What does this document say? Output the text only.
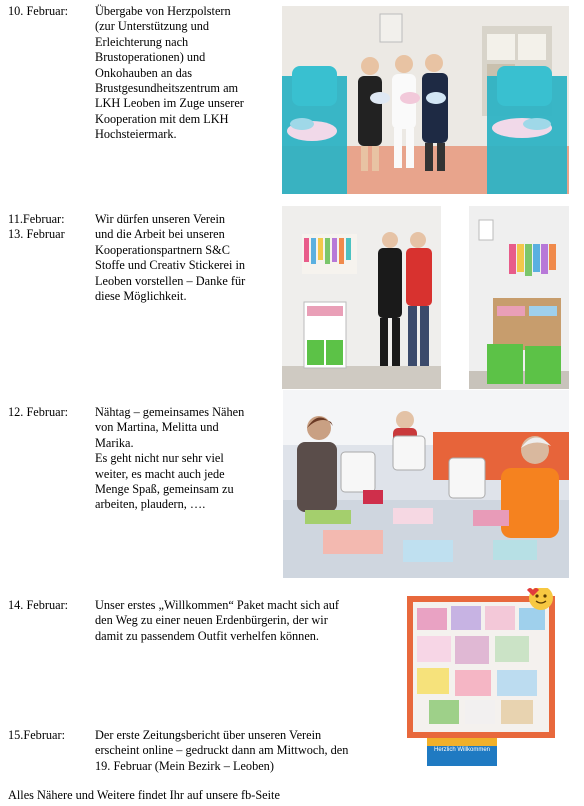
10. Februar: Übergabe von Herzpolstern
(zur Unterstützung und
Erleichterung nach
Brustoperationen) und
Onkohauben an das
Brustgesundheitszentrum am
LKH Leoben im Zuge unserer
Kooperation mit dem LKH
Hochsteiermark.
11.Februar:
13. Februar
Wir dürfen unseren Verein
und die Arbeit bei unseren
Kooperationspartnern S&C
Stoffe und Creativ Stickerei in
Leoben vorstellen – Danke für
diese Möglichkeit.
12. Februar: Nähtag – gemeinsames Nähen
von Martina, Melitta und
Marika.
Es geht nicht nur sehr viel
weiter, es macht auch jede
Menge Spaß, gemeinsam zu
arbeiten, plaudern, ….
14. Februar: Unser erstes „Willkommen“ Paket macht sich auf
den Weg zu einer neuen Erdenbürgerin, der wir
damit zu passendem Outfit verhelfen können.
Herzlich Willkommen
15.Februar: Der erste Zeitungsbericht über unseren Verein
erscheint online – gedruckt dann am Mittwoch, den
19. Februar (Mein Bezirk – Leoben)
Alles Nähere und Weitere findet Ihr auf unsere fb-Seite
